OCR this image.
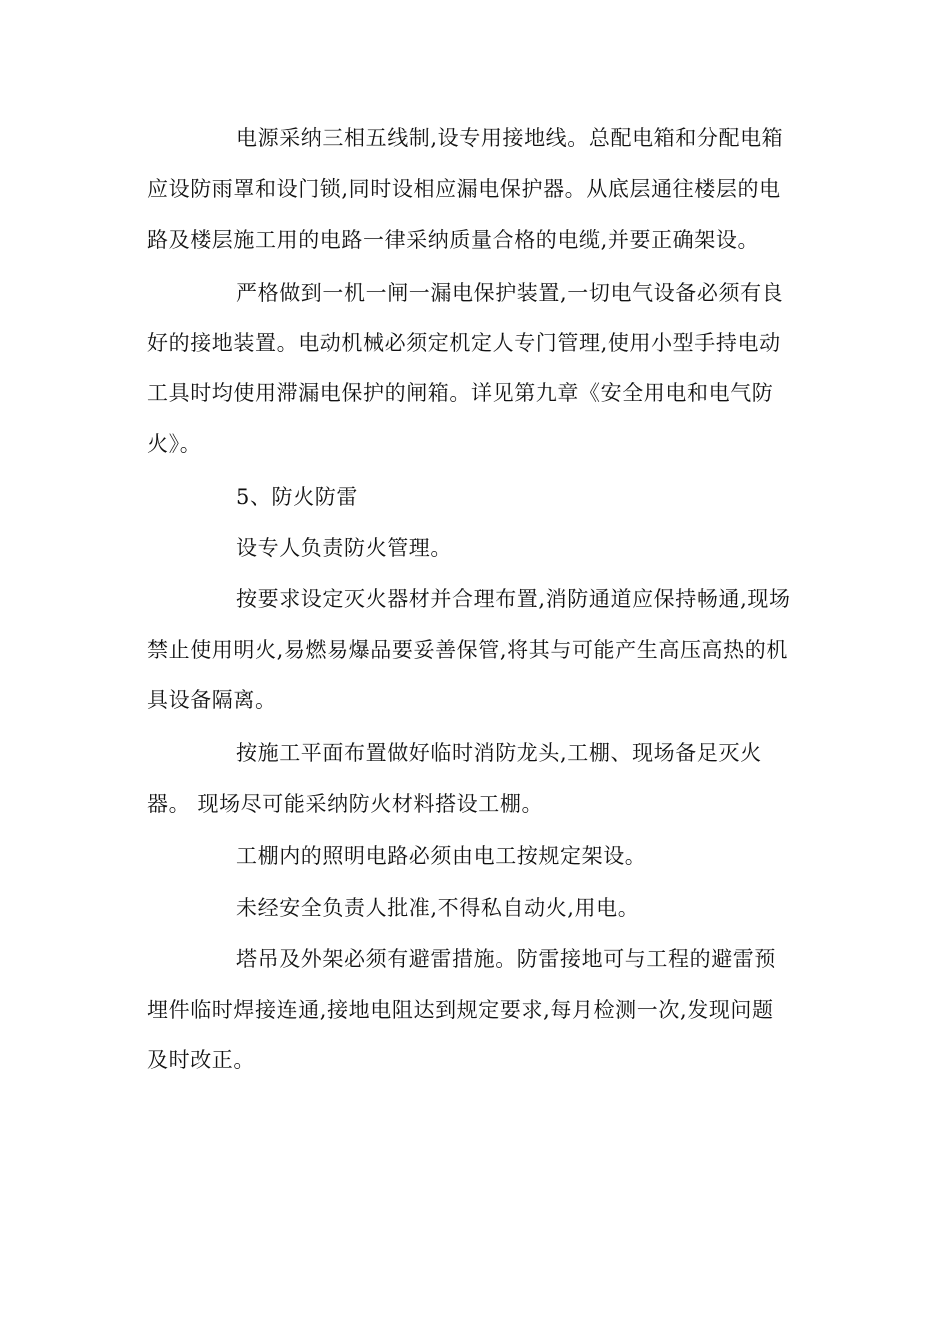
电源采纳三相五线制,设专用接地线。总配电箱和分配电箱
应设防雨罩和设门锁,同时设相应漏电保护器。从底层通往楼层的电
路及楼层施工用的电路一律采纳质量合格的电缆,并要正确架设。
严格做到一机一闸一漏电保护装置,一切电气设备必须有良
好的接地装置。电动机械必须定机定人专门管理,使用小型手持电动
工具时均使用滞漏电保护的闸箱。详见第九章《安全用电和电气防
火》。
5、防火防雷
设专人负责防火管理。
按要求设定灭火器材并合理布置,消防通道应保持畅通,现场
禁止使用明火,易燃易爆品要妥善保管,将其与可能产生高压高热的机
具设备隔离。
按施工平面布置做好临时消防龙头,工棚、现场备足灭火
器。 现场尽可能采纳防火材料搭设工棚。
工棚内的照明电路必须由电工按规定架设。
未经安全负责人批准,不得私自动火,用电。
塔吊及外架必须有避雷措施。防雷接地可与工程的避雷预
埋件临时焊接连通,接地电阻达到规定要求,每月检测一次,发现问题
及时改正。
